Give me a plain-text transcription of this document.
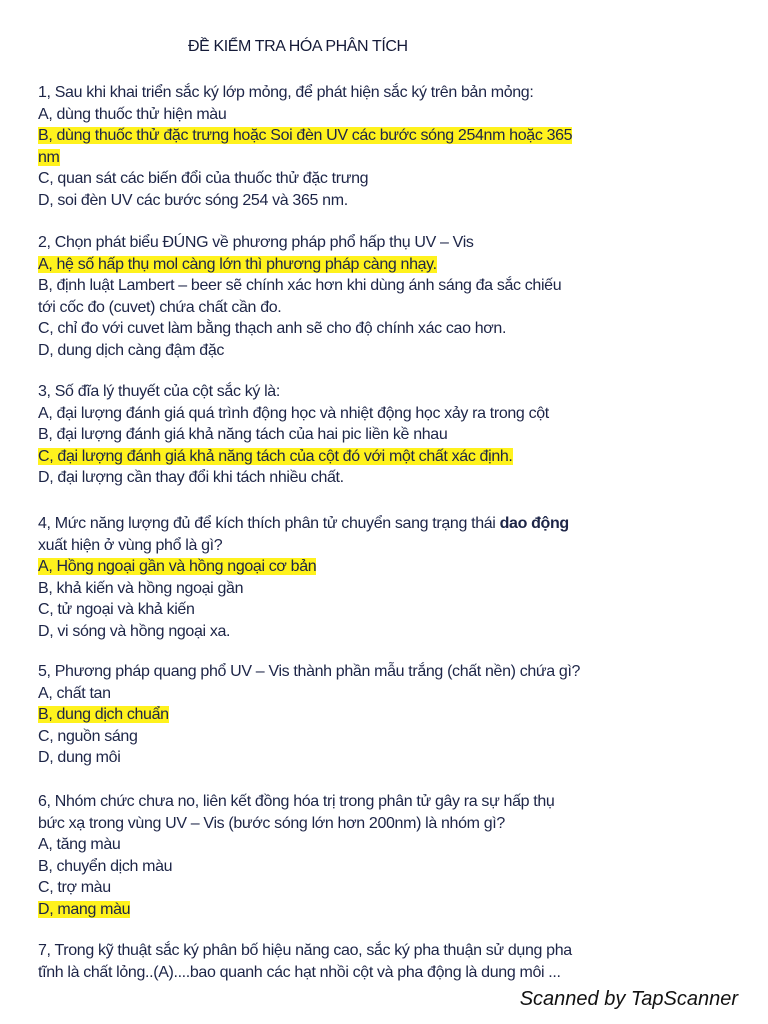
ĐỀ KIỂM TRA HÓA PHÂN TÍCH
1, Sau khi khai triển sắc ký lớp mỏng, để phát hiện sắc ký trên bản mỏng:
A, dùng thuốc thử hiện màu
B, dùng thuốc thử đặc trưng hoặc Soi đèn UV các bước sóng 254nm hoặc 365
nm
C, quan sát các biến đổi của thuốc thử đặc trưng
D, soi đèn UV các bước sóng 254 và 365 nm.
2, Chọn phát biểu ĐÚNG về phương pháp phổ hấp thụ UV – Vis
A, hệ số hấp thụ mol càng lớn thì phương pháp càng nhạy.
B, định luật Lambert – beer sẽ chính xác hơn khi dùng ánh sáng đa sắc chiếu
tới cốc đo (cuvet) chứa chất cần đo.
C, chỉ đo với cuvet làm bằng thạch anh sẽ cho độ chính xác cao hơn.
D, dung dịch càng đậm đặc
3, Số đĩa lý thuyết của cột sắc ký là:
A, đại lượng đánh giá quá trình động học và nhiệt động học xảy ra trong cột
B, đại lượng đánh giá khả năng tách của hai pic liền kề nhau
C, đại lượng đánh giá khả năng tách của cột đó với một chất xác định.
D, đại lượng cần thay đổi khi tách nhiều chất.
4, Mức năng lượng đủ để kích thích phân tử chuyển sang trạng thái dao động
xuất hiện ở vùng phổ là gì?
A, Hồng ngoại gần và hồng ngoại cơ bản
B, khả kiến và hồng ngoại gần
C, tử ngoại và khả kiến
D, vi sóng và hồng ngoại xa.
5, Phương pháp quang phổ UV – Vis thành phần mẫu trắng (chất nền) chứa gì?
A, chất tan
B, dung dịch chuẩn
C, nguồn sáng
D, dung môi
6, Nhóm chức chưa no, liên kết đồng hóa trị trong phân tử gây ra sự hấp thụ
bức xạ trong vùng UV – Vis (bước sóng lớn hơn 200nm) là nhóm gì?
A, tăng màu
B, chuyển dịch màu
C, trợ màu
D, mang màu
7, Trong kỹ thuật sắc ký phân bố hiệu năng cao, sắc ký pha thuận sử dụng pha
tĩnh là chất lỏng..(A)....bao quanh các hạt nhồi cột và pha động là dung môi ...
Scanned by TapScanner
